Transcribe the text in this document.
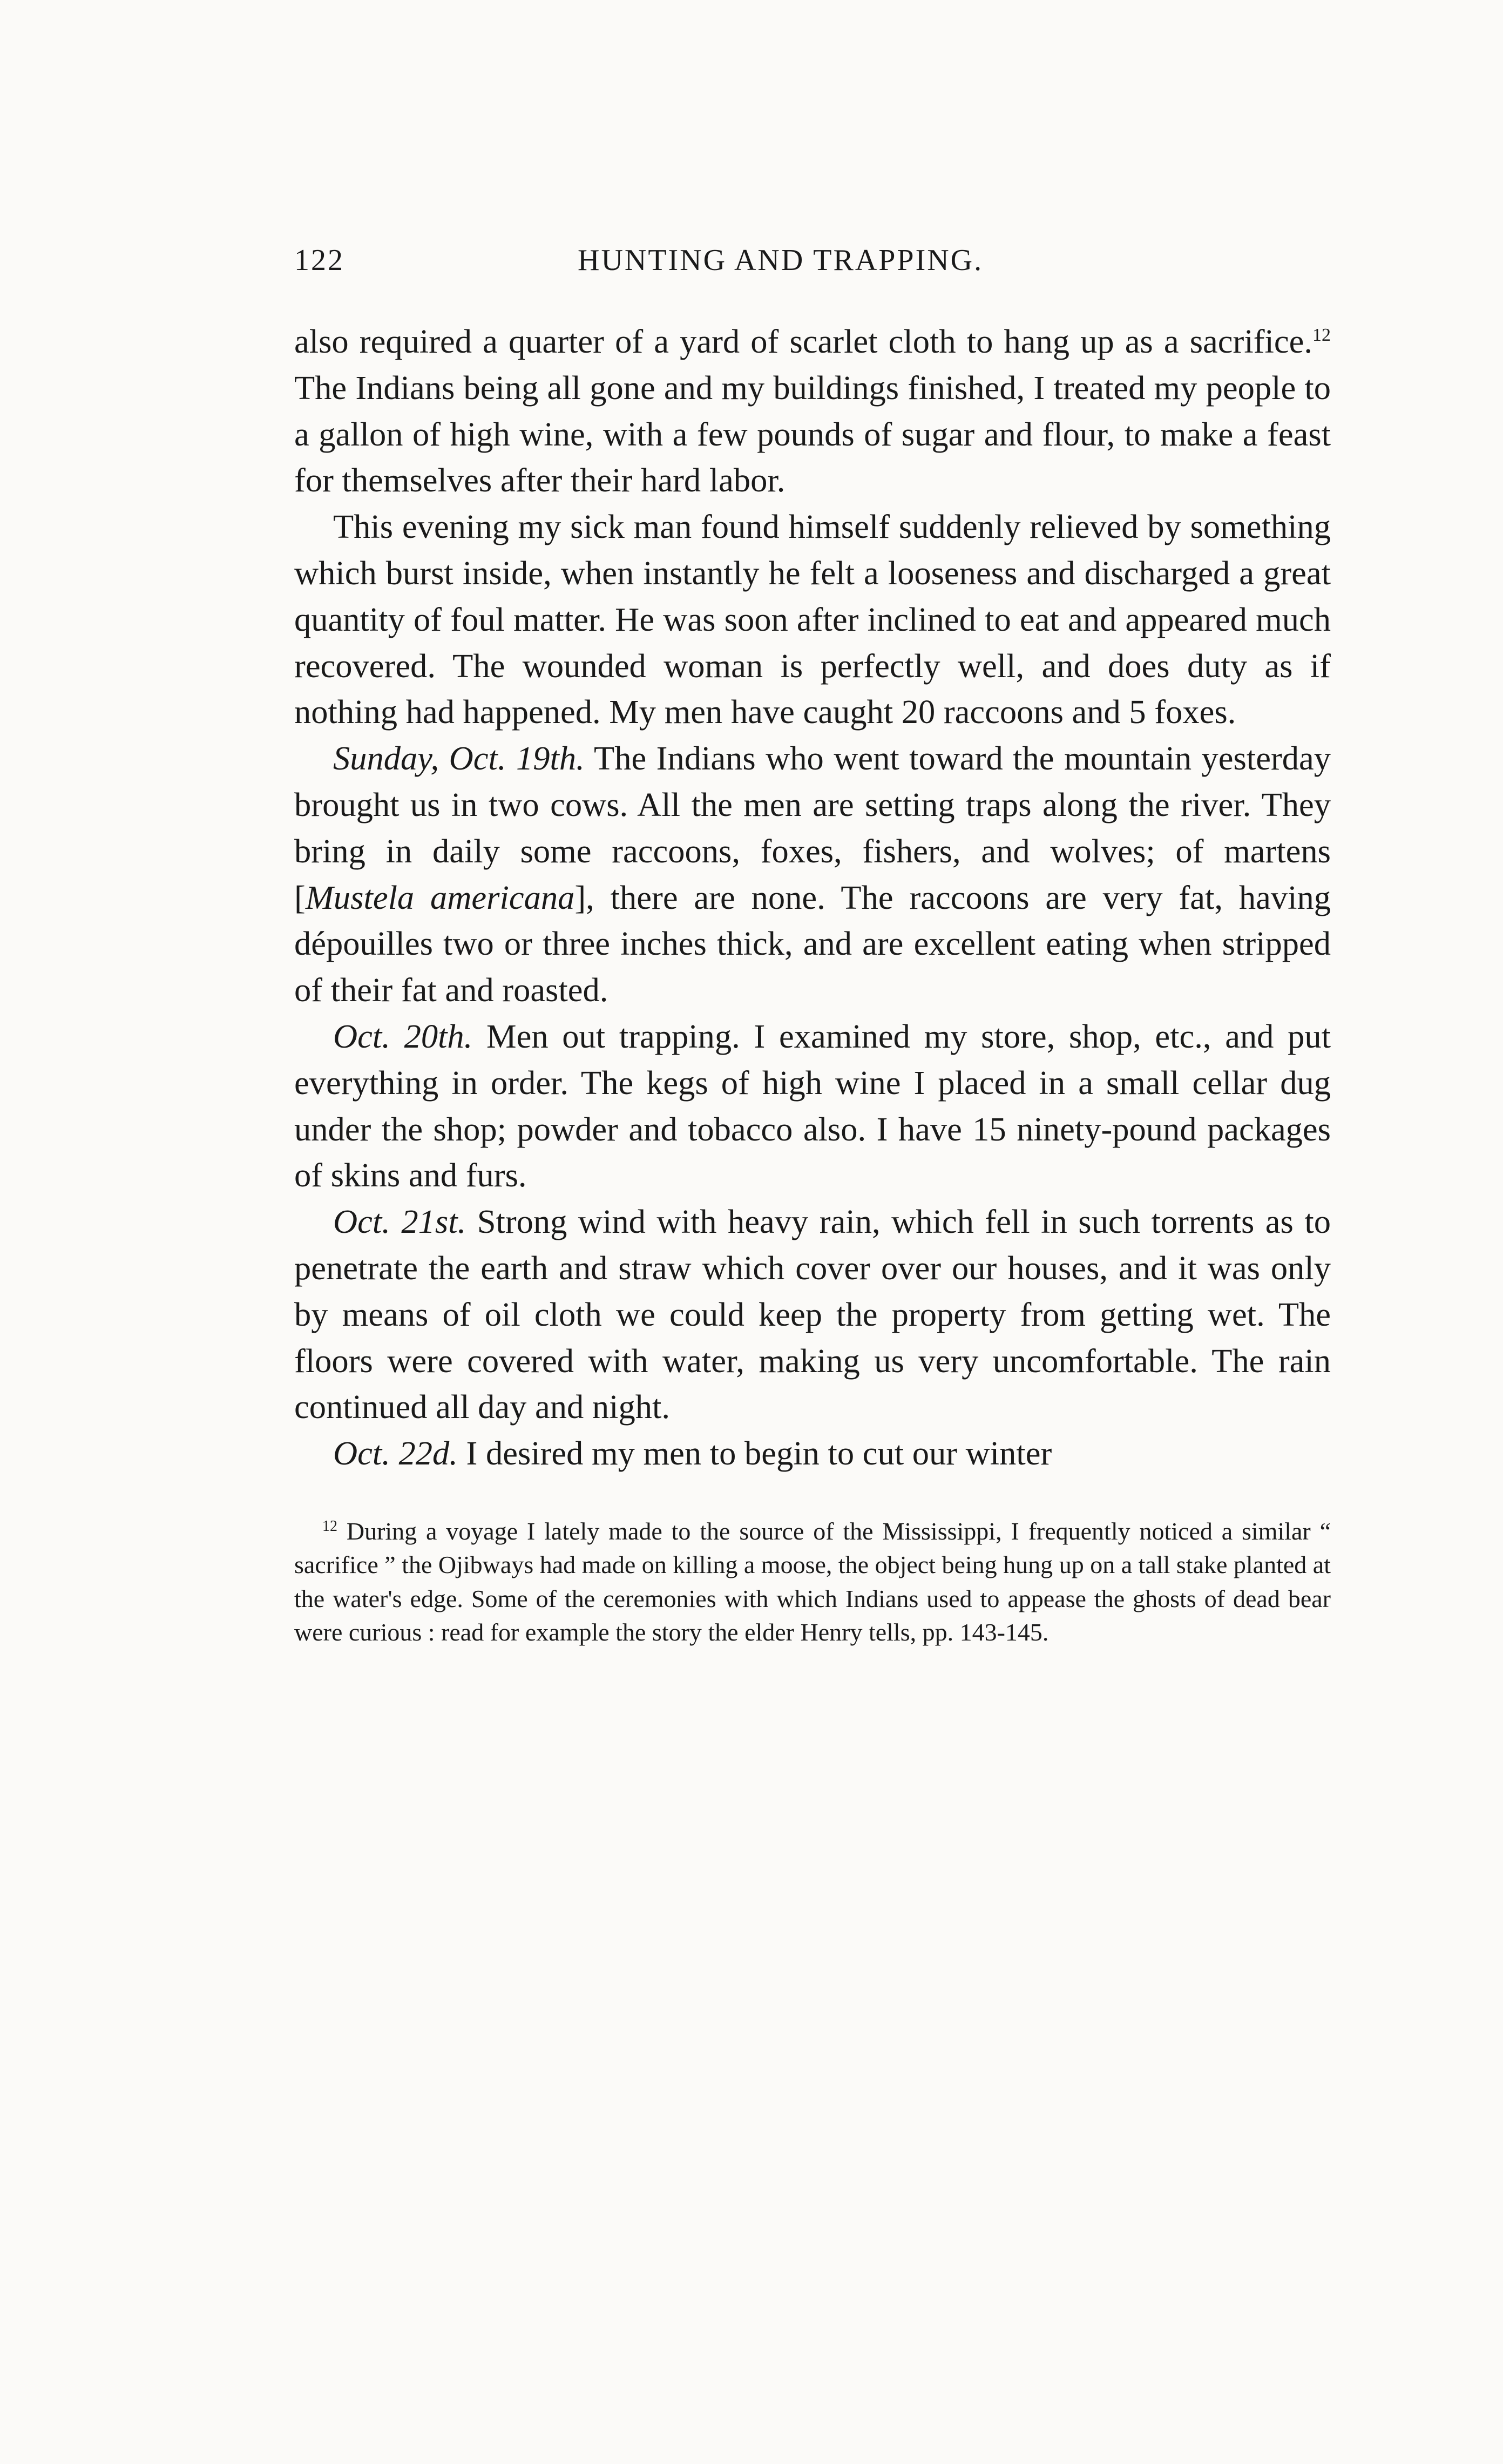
122	HUNTING AND TRAPPING.

also required a quarter of a yard of scarlet cloth to hang up as a sacrifice.$^{12}$ The Indians being all gone and my buildings finished, I treated my people to a gallon of high wine, with a few pounds of sugar and flour, to make a feast for themselves after their hard labor.

This evening my sick man found himself suddenly relieved by something which burst inside, when instantly he felt a looseness and discharged a great quantity of foul matter. He was soon after inclined to eat and appeared much recovered. The wounded woman is perfectly well, and does duty as if nothing had happened. My men have caught 20 raccoons and 5 foxes.

Sunday, Oct. 19th. The Indians who went toward the mountain yesterday brought us in two cows. All the men are setting traps along the river. They bring in daily some raccoons, foxes, fishers, and wolves; of martens [Mustela americana], there are none. The raccoons are very fat, having dépouilles two or three inches thick, and are excellent eating when stripped of their fat and roasted.

Oct. 20th. Men out trapping. I examined my store, shop, etc., and put everything in order. The kegs of high wine I placed in a small cellar dug under the shop; powder and tobacco also. I have 15 ninety-pound packages of skins and furs.

Oct. 21st. Strong wind with heavy rain, which fell in such torrents as to penetrate the earth and straw which cover over our houses, and it was only by means of oil cloth we could keep the property from getting wet. The floors were covered with water, making us very uncomfortable. The rain continued all day and night.

Oct. 22d. I desired my men to begin to cut our winter

$^{12}$ During a voyage I lately made to the source of the Mississippi, I frequently noticed a similar “ sacrifice ” the Ojibways had made on killing a moose, the object being hung up on a tall stake planted at the water's edge. Some of the ceremonies with which Indians used to appease the ghosts of dead bear were curious : read for example the story the elder Henry tells, pp. 143-145.
